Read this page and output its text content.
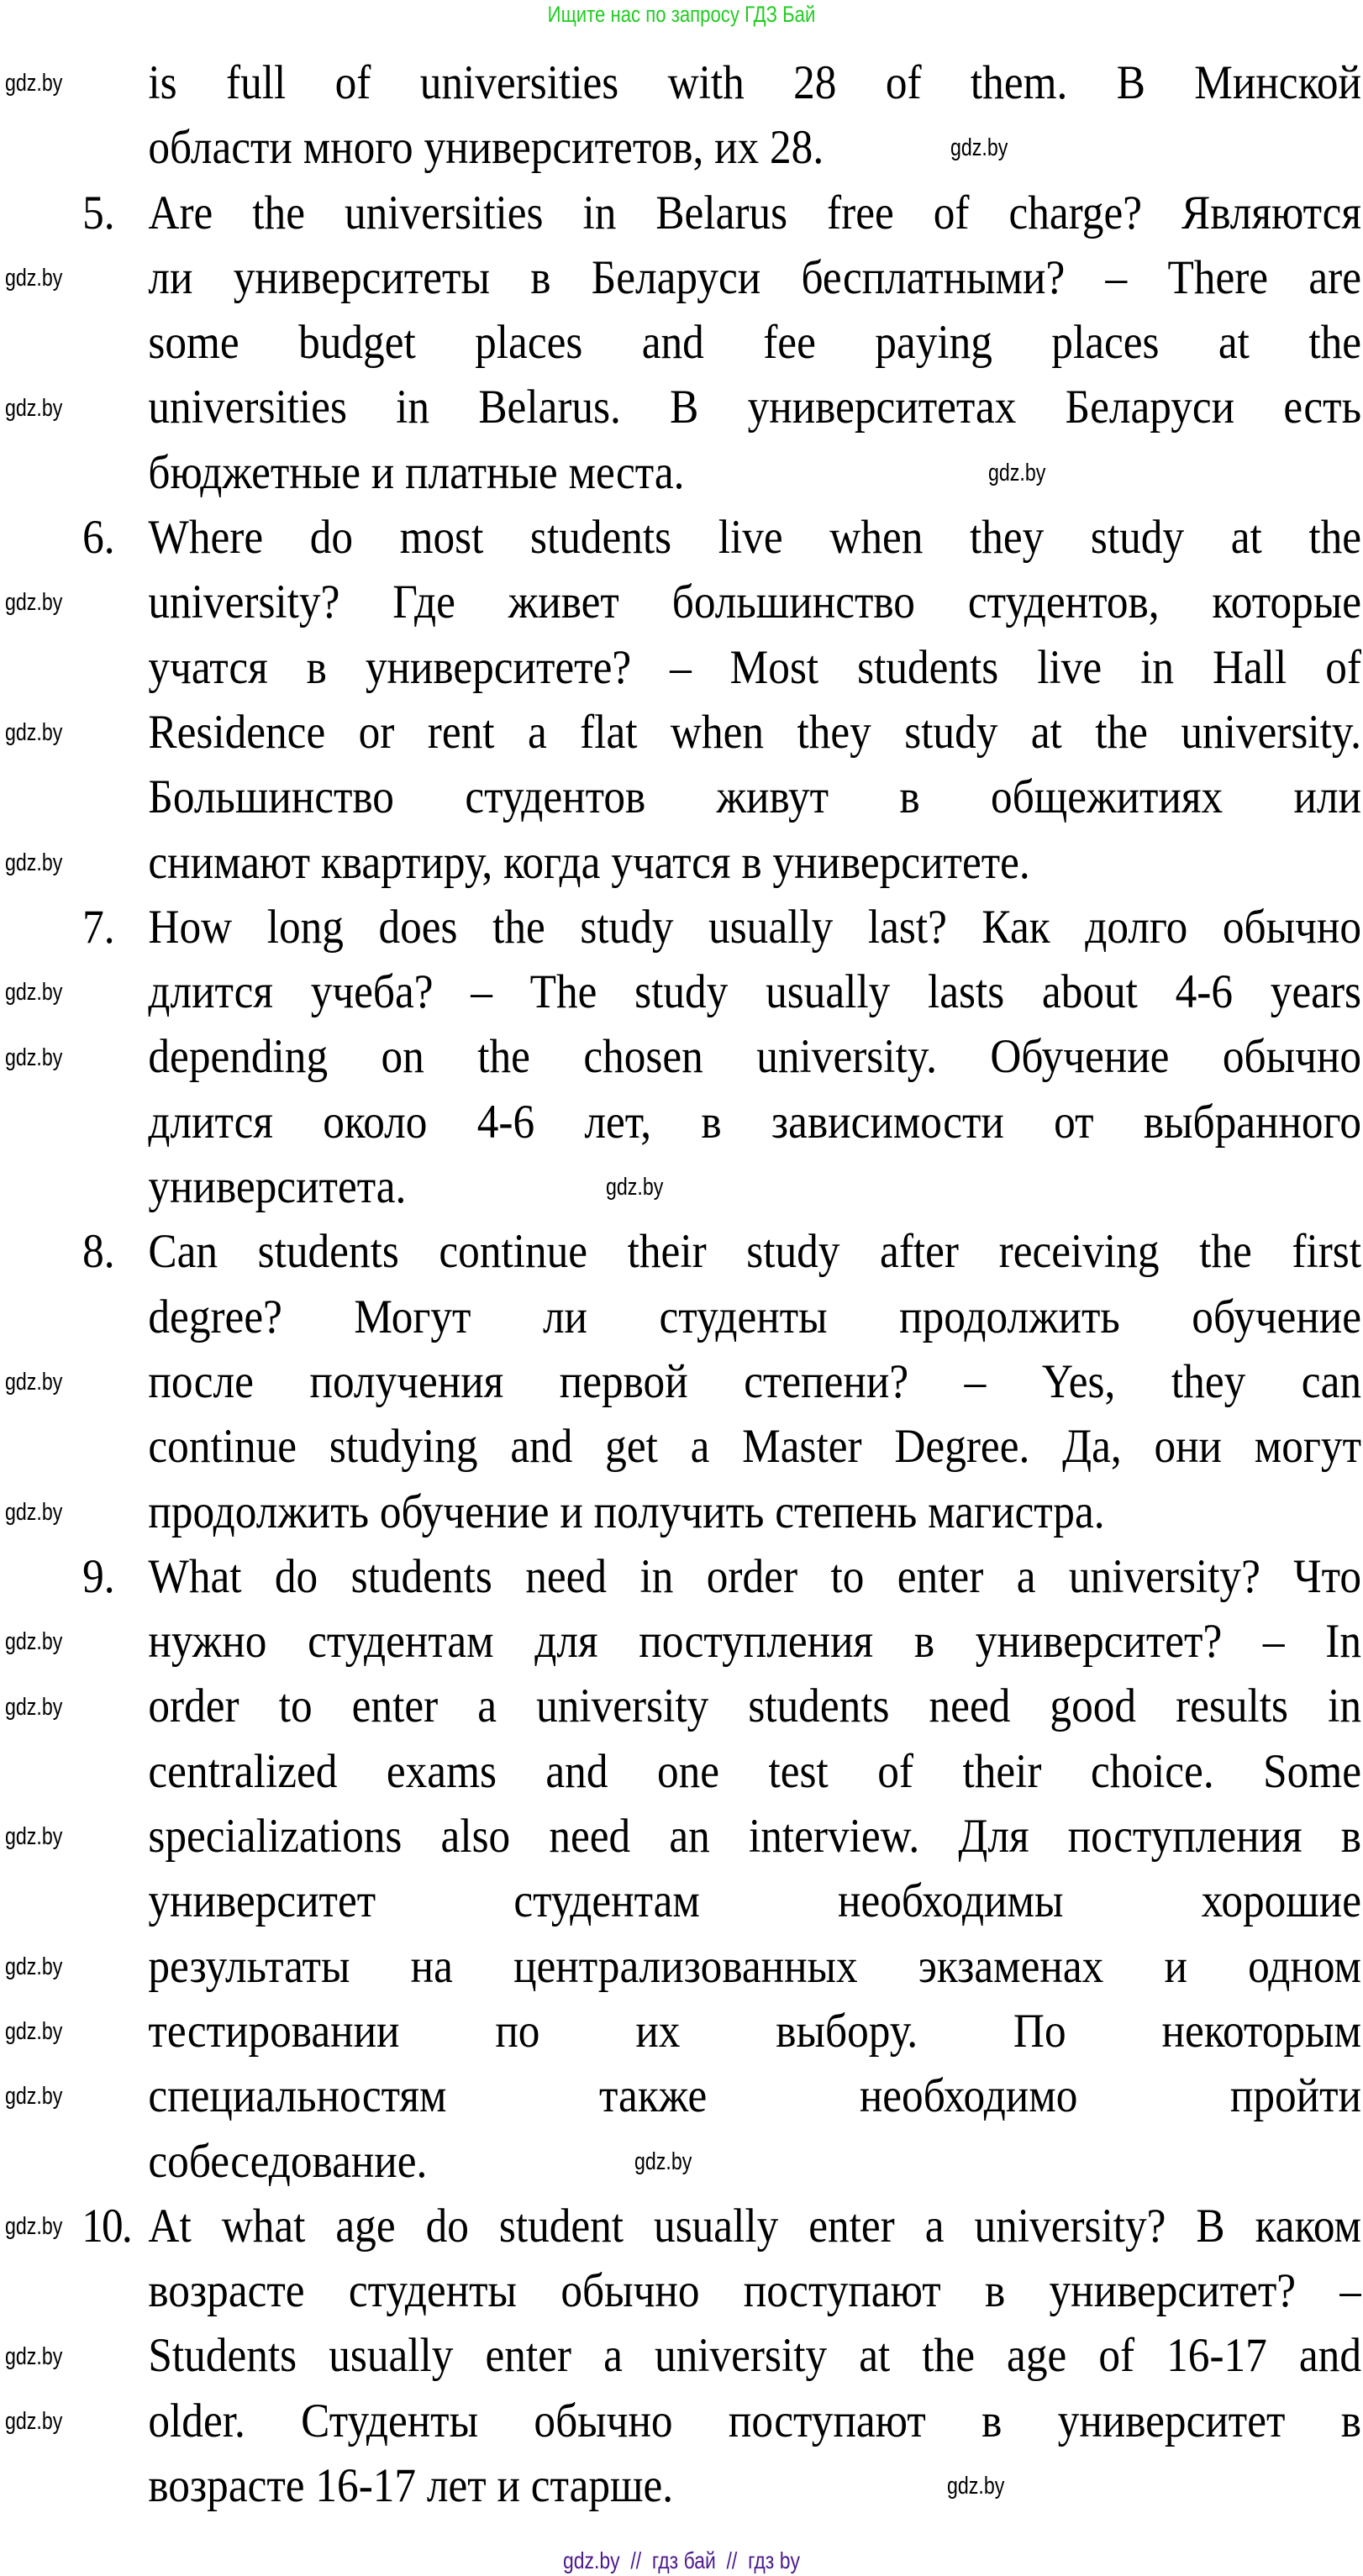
Ищите нас по запросу ГДЗ Бай
is full of universities with 28 of them. В Минской
области много университетов, их 28.
5. Are the universities in Belarus free of charge? Являются
ли университеты в Беларуси бесплатными? – There are
some budget places and fee paying places at the
universities in Belarus. В университетах Беларуси есть
бюджетные и платные места.
6. Where do most students live when they study at the
university? Где живет большинство студентов, которые
учатся в университете? – Most students live in Hall of
Residence or rent a flat when they study at the university.
Большинство студентов живут в общежитиях или
снимают квартиру, когда учатся в университете.
7. How long does the study usually last? Как долго обычно
длится учеба? – The study usually lasts about 4-6 years
depending on the chosen university. Обучение обычно
длится около 4-6 лет, в зависимости от выбранного
университета.
8. Can students continue their study after receiving the first
degree? Могут ли студенты продолжить обучение
после получения первой степени? – Yes, they can
continue studying and get a Master Degree. Да, они могут
продолжить обучение и получить степень магистра.
9. What do students need in order to enter a university? Что
нужно студентам для поступления в университет? – In
order to enter a university students need good results in
centralized exams and one test of their choice. Some
specializations also need an interview. Для поступления в
университет студентам необходимы хорошие
результаты на централизованных экзаменах и одном
тестировании по их выбору. По некоторым
специальностям также необходимо пройти
собеседование.
10. At what age do student usually enter a university? В каком
возрасте студенты обычно поступают в университет? –
Students usually enter a university at the age of 16-17 and
older. Студенты обычно поступают в университет в
возрасте 16-17 лет и старше.
gdz.by
gdz.by
gdz.by
gdz.by
gdz.by
gdz.by
gdz.by
gdz.by
gdz.by
gdz.by
gdz.by
gdz.by
gdz.by
gdz.by
gdz.by
gdz.by
gdz.by
gdz.by
gdz.by
gdz.by
gdz.by
gdz.by
gdz.by
gdz.by
gdz.by  //  гдз бай  //  гдз by
